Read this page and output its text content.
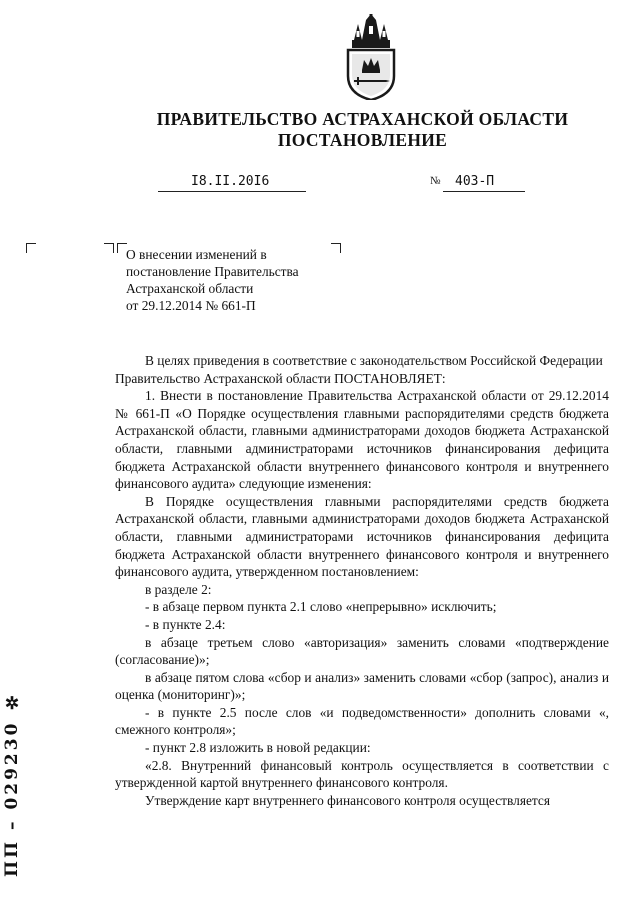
ПРАВИТЕЛЬСТВО АСТРАХАНСКОЙ ОБЛАСТИ
ПОСТАНОВЛЕНИЕ
I8.II.20I6	№ 403-П
О внесении изменений в
постановление Правительства
Астраханской области
от 29.12.2014 № 661-П

В целях приведения в соответствие с законодательством Российской Федерации

Правительство Астраханской области ПОСТАНОВЛЯЕТ:

1. Внести в постановление Правительства Астраханской области от 29.12.2014 № 661-П «О Порядке осуществления главными распорядителями средств бюджета Астраханской области, главными администраторами доходов бюджета Астраханской области, главными администраторами источников финансирования дефицита бюджета Астраханской области внутреннего финансового контроля и внутреннего финансового аудита» следующие изменения:

В Порядке осуществления главными распорядителями средств бюджета Астраханской области, главными администраторами доходов бюджета Астраханской области, главными администраторами источников финансирования дефицита бюджета Астраханской области внутреннего финансового контроля и внутреннего финансового аудита, утвержденном постановлением:

в разделе 2:

- в абзаце первом пункта 2.1 слово «непрерывно» исключить;

- в пункте 2.4:

в абзаце третьем слово «авторизация» заменить словами «подтверждение (согласование)»;

в абзаце пятом слова «сбор и анализ» заменить словами «сбор (запрос), анализ и оценка (мониторинг)»;

- в пункте 2.5 после слов «и подведомственности» дополнить словами «, смежного контроля»;

- пункт 2.8 изложить в новой редакции:

«2.8. Внутренний финансовый контроль осуществляется в соответствии с утвержденной картой внутреннего финансового контроля.

Утверждение карт внутреннего финансового контроля осуществляется

ПП – 029230 ✲
